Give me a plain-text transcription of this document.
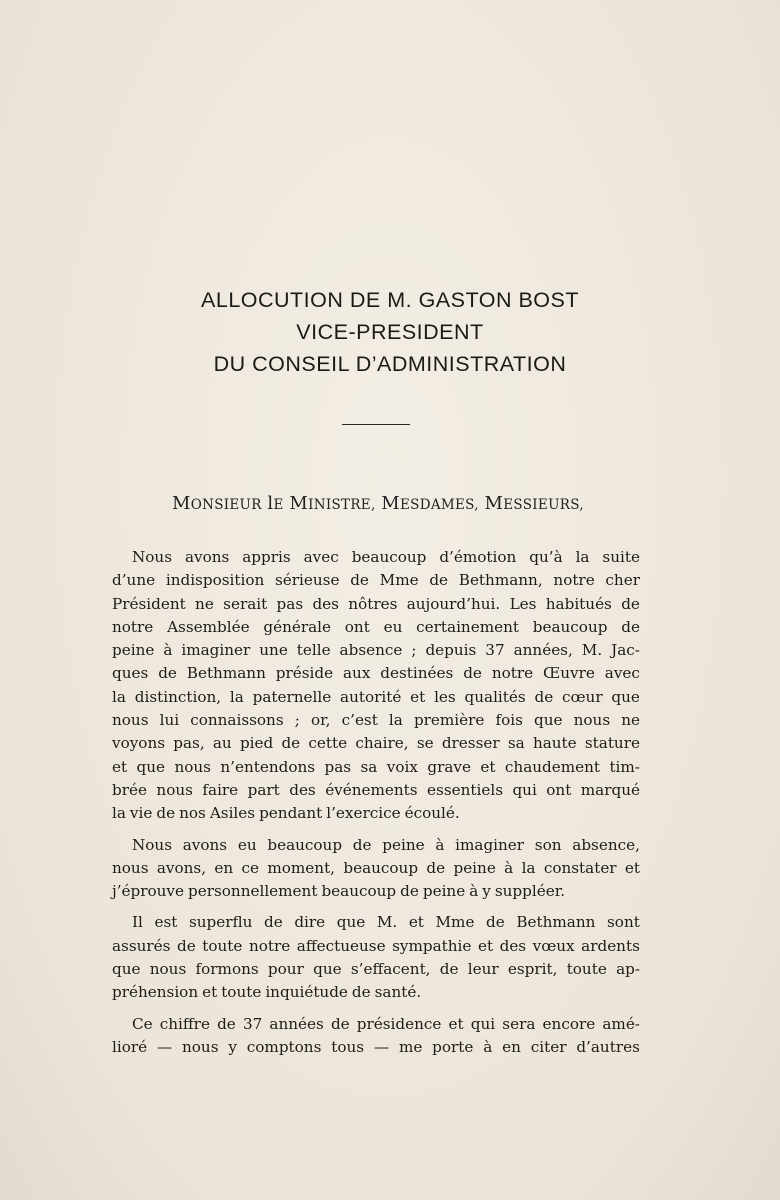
ALLOCUTION DE M. GASTON BOST
VICE-PRESIDENT
DU CONSEIL D’ADMINISTRATION
MONSIEUR lE MINISTRE, MESDAMES, MESSIEURS,
Nous avons appris avec beaucoup d’émotion qu’à la suite
d’une indisposition sérieuse de Mme de Bethmann, notre cher
Président ne serait pas des nôtres aujourd’hui. Les habitués de
notre Assemblée générale ont eu certainement beaucoup de
peine à imaginer une telle absence ; depuis 37 années, M. Jac-
ques de Bethmann préside aux destinées de notre Œuvre avec
la distinction, la paternelle autorité et les qualités de cœur que
nous lui connaissons ; or, c’est la première fois que nous ne
voyons pas, au pied de cette chaire, se dresser sa haute stature
et que nous n’entendons pas sa voix grave et chaudement tim-
brée nous faire part des événements essentiels qui ont marqué
la vie de nos Asiles pendant l’exercice écoulé.
Nous avons eu beaucoup de peine à imaginer son absence,
nous avons, en ce moment, beaucoup de peine à la constater et
j’éprouve personnellement beaucoup de peine à y suppléer.
Il est superflu de dire que M. et Mme de Bethmann sont
assurés de toute notre affectueuse sympathie et des vœux ardents
que nous formons pour que s’effacent, de leur esprit, toute ap-
préhension et toute inquiétude de santé.
Ce chiffre de 37 années de présidence et qui sera encore amé-
lioré — nous y comptons tous — me porte à en citer d’autres
